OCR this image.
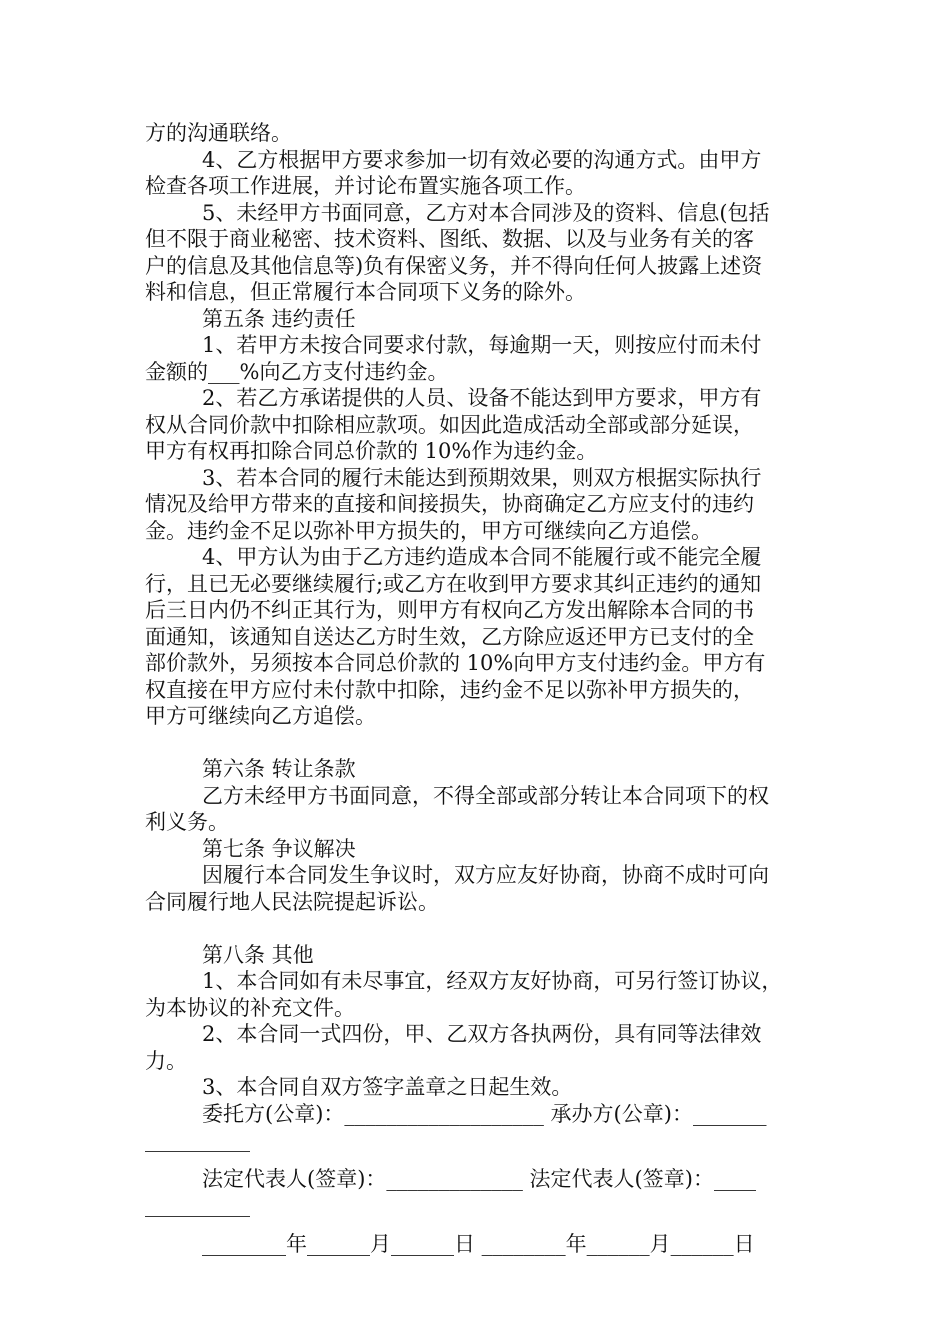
方的沟通联络。
4、乙方根据甲方要求参加一切有效必要的沟通方式。由甲方
检查各项工作进展，并讨论布置实施各项工作。
5、未经甲方书面同意，乙方对本合同涉及的资料、信息(包括
但不限于商业秘密、技术资料、图纸、数据、以及与业务有关的客
户的信息及其他信息等)负有保密义务，并不得向任何人披露上述资
料和信息，但正常履行本合同项下义务的除外。
第五条 违约责任
1、若甲方未按合同要求付款，每逾期一天，则按应付而未付
金额的___%向乙方支付违约金。
2、若乙方承诺提供的人员、设备不能达到甲方要求，甲方有
权从合同价款中扣除相应款项。如因此造成活动全部或部分延误，
甲方有权再扣除合同总价款的 10%作为违约金。
3、若本合同的履行未能达到预期效果，则双方根据实际执行
情况及给甲方带来的直接和间接损失，协商确定乙方应支付的违约
金。违约金不足以弥补甲方损失的，甲方可继续向乙方追偿。
4、甲方认为由于乙方违约造成本合同不能履行或不能完全履
行，且已无必要继续履行;或乙方在收到甲方要求其纠正违约的通知
后三日内仍不纠正其行为，则甲方有权向乙方发出解除本合同的书
面通知，该通知自送达乙方时生效，乙方除应返还甲方已支付的全
部价款外，另须按本合同总价款的 10%向甲方支付违约金。甲方有
权直接在甲方应付未付款中扣除，违约金不足以弥补甲方损失的，
甲方可继续向乙方追偿。
第六条 转让条款
乙方未经甲方书面同意，不得全部或部分转让本合同项下的权
利义务。
第七条 争议解决
因履行本合同发生争议时，双方应友好协商，协商不成时可向
合同履行地人民法院提起诉讼。
第八条 其他
1、本合同如有未尽事宜，经双方友好协商，可另行签订协议，
为本协议的补充文件。
2、本合同一式四份，甲、乙双方各执两份，具有同等法律效
力。
3、本合同自双方签字盖章之日起生效。
委托方(公章)：___________________ 承办方(公章)：_______
__________
法定代表人(签章)：_____________ 法定代表人(签章)：____
__________
________年______月______日 ________年______月______日
